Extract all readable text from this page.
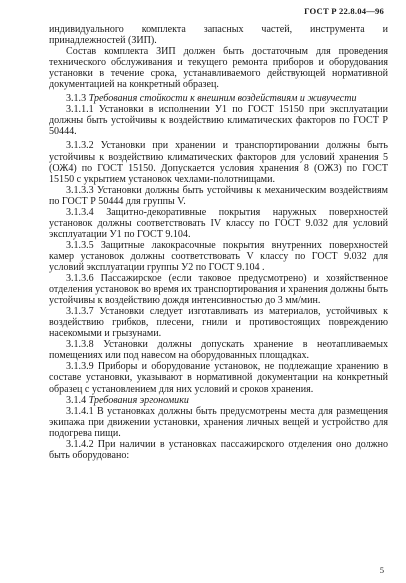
ГОСТ Р 22.8.04—96

индивидуального комплекта запасных частей, инструмента и принадлежностей (ЗИП).

Состав комплекта ЗИП должен быть достаточным для проведения технического обслуживания и текущего ремонта приборов и оборудования установки в течение срока, устанавливаемого действующей нормативной документацией на конкретный образец.

3.1.3 Требования стойкости к внешним воздействиям и живучести

3.1.1.1 Установки в исполнении У1 по ГОСТ 15150 при эксплуатации должны быть устойчивы к воздействию климатических факторов по ГОСТ Р 50444.

3.1.3.2 Установки при хранении и транспортировании должны быть устойчивы к воздействию климатических факторов для условий хранения 5 (ОЖ4) по ГОСТ 15150. Допускается условия хранения 8 (ОЖ3) по ГОСТ 15150 с укрытием установок чехлами-полотнищами.

3.1.3.3 Установки должны быть устойчивы к механическим воздействиям по ГОСТ Р 50444 для группы V.

3.1.3.4 Защитно-декоративные покрытия наружных поверхностей установок должны соответствовать IV классу по ГОСТ 9.032 для условий эксплуатации У1 по ГОСТ 9.104.

3.1.3.5 Защитные лакокрасочные покрытия внутренних поверхностей камер установок должны соответствовать V классу по ГОСТ 9.032 для условий эксплуатации группы У2 по ГОСТ 9.104 .

3.1.3.6 Пассажирское (если таковое предусмотрено) и хозяйственное отделения установок во время их транспортирования и хранения должны быть устойчивы к воздействию дождя интенсивностью до 3 мм/мин.

3.1.3.7 Установки следует изготавливать из материалов, устойчивых к воздействию грибков, плесени, гнили и противостоящих повреждению насекомыми и грызунами.

3.1.3.8 Установки должны допускать хранение в неотапливаемых помещениях или под навесом на оборудованных площадках.

3.1.3.9 Приборы и оборудование установок, не подлежащие хранению в составе установки, указывают в нормативной документации на конкретный образец с установлением для них условий и сроков хранения.

3.1.4 Требования эргономики

3.1.4.1 В установках должны быть предусмотрены места для размещения экипажа при движении установки, хранения личных вещей и устройство для подогрева пищи.

3.1.4.2 При наличии в установках пассажирского отделения оно должно быть оборудовано:

5
